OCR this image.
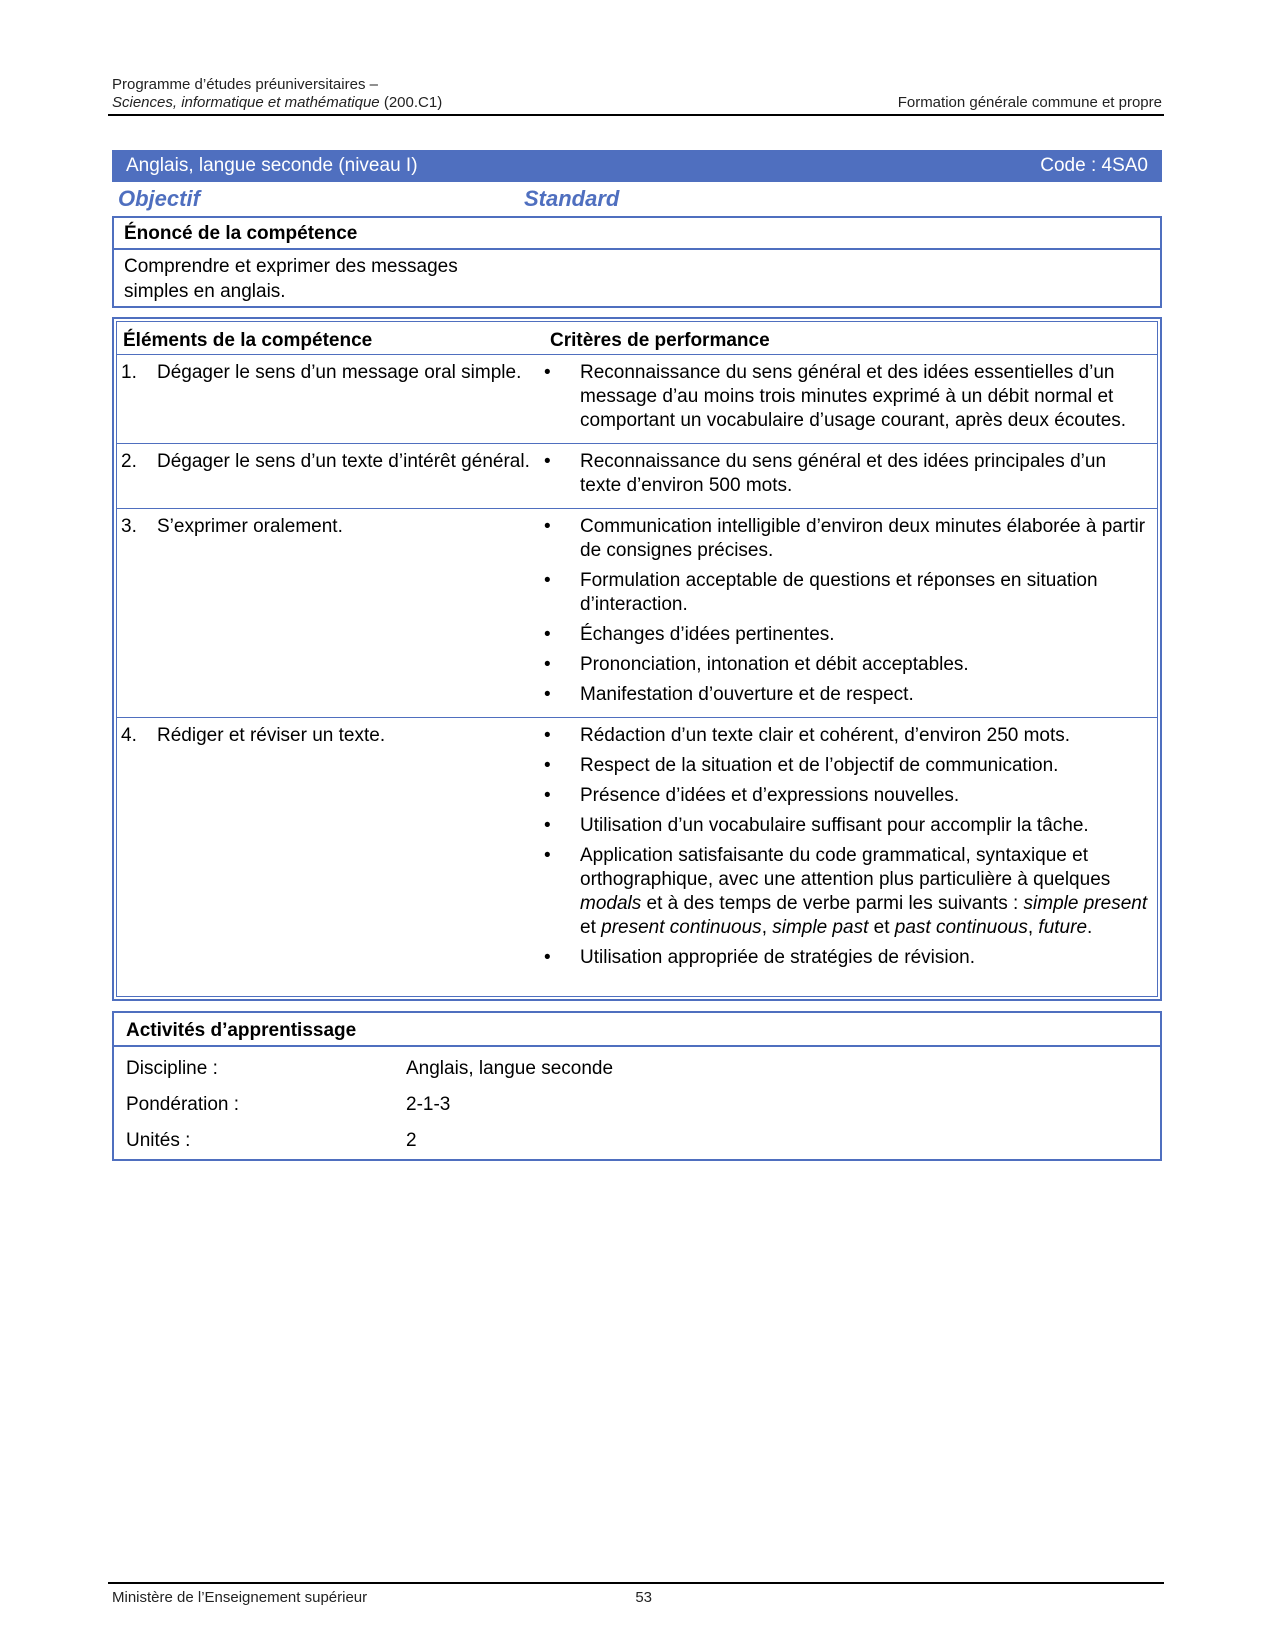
Programme d’études préuniversitaires –
Sciences, informatique et mathématique (200.C1)	Formation générale commune et propre
Anglais, langue seconde (niveau I)	Code : 4SA0
Objectif	Standard
Énoncé de la compétence
Comprendre et exprimer des messages simples en anglais.
Éléments de la compétence	Critères de performance
1.	Dégager le sens d’un message oral simple. •	Reconnaissance du sens général et des idées essentielles d’un message d’au moins trois minutes exprimé à un débit normal et comportant un vocabulaire d’usage courant, après deux écoutes.
2.	Dégager le sens d’un texte d’intérêt général. •	Reconnaissance du sens général et des idées principales d’un texte d’environ 500 mots.
3.	S’exprimer oralement.	•	Communication intelligible d’environ deux minutes élaborée à partir de consignes précises.
•	Formulation acceptable de questions et réponses en situation d’interaction.
•	Échanges d’idées pertinentes.
•	Prononciation, intonation et débit acceptables.
•	Manifestation d’ouverture et de respect.
4.	Rédiger et réviser un texte.	•	Rédaction d’un texte clair et cohérent, d’environ 250 mots.
•	Respect de la situation et de l’objectif de communication.
•	Présence d’idées et d’expressions nouvelles.
•	Utilisation d’un vocabulaire suffisant pour accomplir la tâche.
•	Application satisfaisante du code grammatical, syntaxique et orthographique, avec une attention plus particulière à quelques modals et à des temps de verbe parmi les suivants : simple present et present continuous, simple past et past continuous, future.
•	Utilisation appropriée de stratégies de révision.
Activités d’apprentissage
Discipline :	Anglais, langue seconde
Pondération :	2-1-3
Unités :	2
Ministère de l’Enseignement supérieur	53
